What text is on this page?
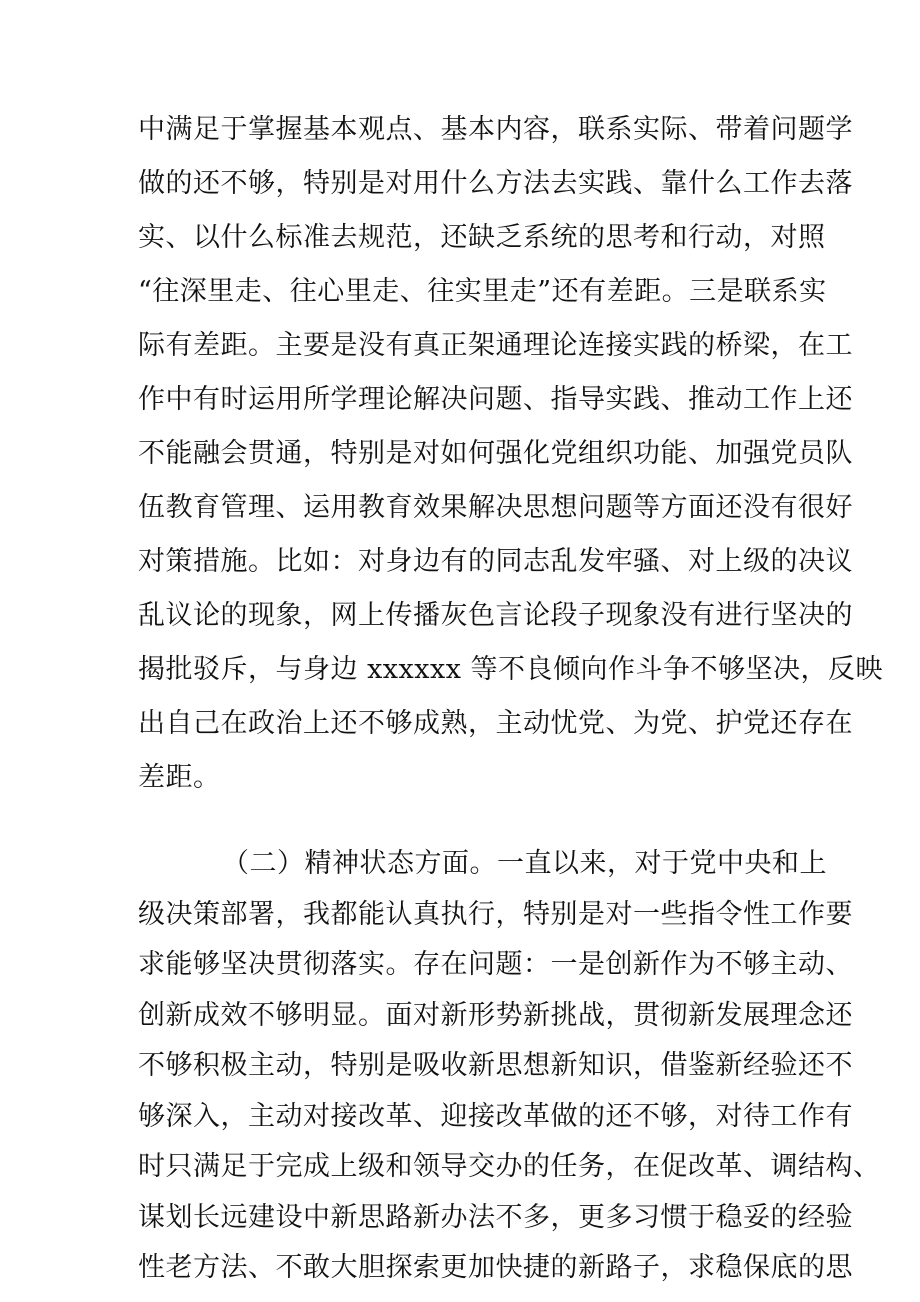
中满足于掌握基本观点、基本内容，联系实际、带着问题学
做的还不够，特别是对用什么方法去实践、靠什么工作去落
实、以什么标准去规范，还缺乏系统的思考和行动，对照
“往深里走、往心里走、往实里走”还有差距。三是联系实
际有差距。主要是没有真正架通理论连接实践的桥梁，在工
作中有时运用所学理论解决问题、指导实践、推动工作上还
不能融会贯通，特别是对如何强化党组织功能、加强党员队
伍教育管理、运用教育效果解决思想问题等方面还没有很好
对策措施。比如：对身边有的同志乱发牢骚、对上级的决议
乱议论的现象，网上传播灰色言论段子现象没有进行坚决的
揭批驳斥，与身边 xxxxxx 等不良倾向作斗争不够坚决，反映
出自己在政治上还不够成熟，主动忧党、为党、护党还存在
差距。
（二）精神状态方面。一直以来，对于党中央和上
级决策部署，我都能认真执行，特别是对一些指令性工作要
求能够坚决贯彻落实。存在问题：一是创新作为不够主动、
创新成效不够明显。面对新形势新挑战，贯彻新发展理念还
不够积极主动，特别是吸收新思想新知识，借鉴新经验还不
够深入，主动对接改革、迎接改革做的还不够，对待工作有
时只满足于完成上级和领导交办的任务，在促改革、调结构、
谋划长远建设中新思路新办法不多，更多习惯于稳妥的经验
性老方法、不敢大胆探索更加快捷的新路子，求稳保底的思
